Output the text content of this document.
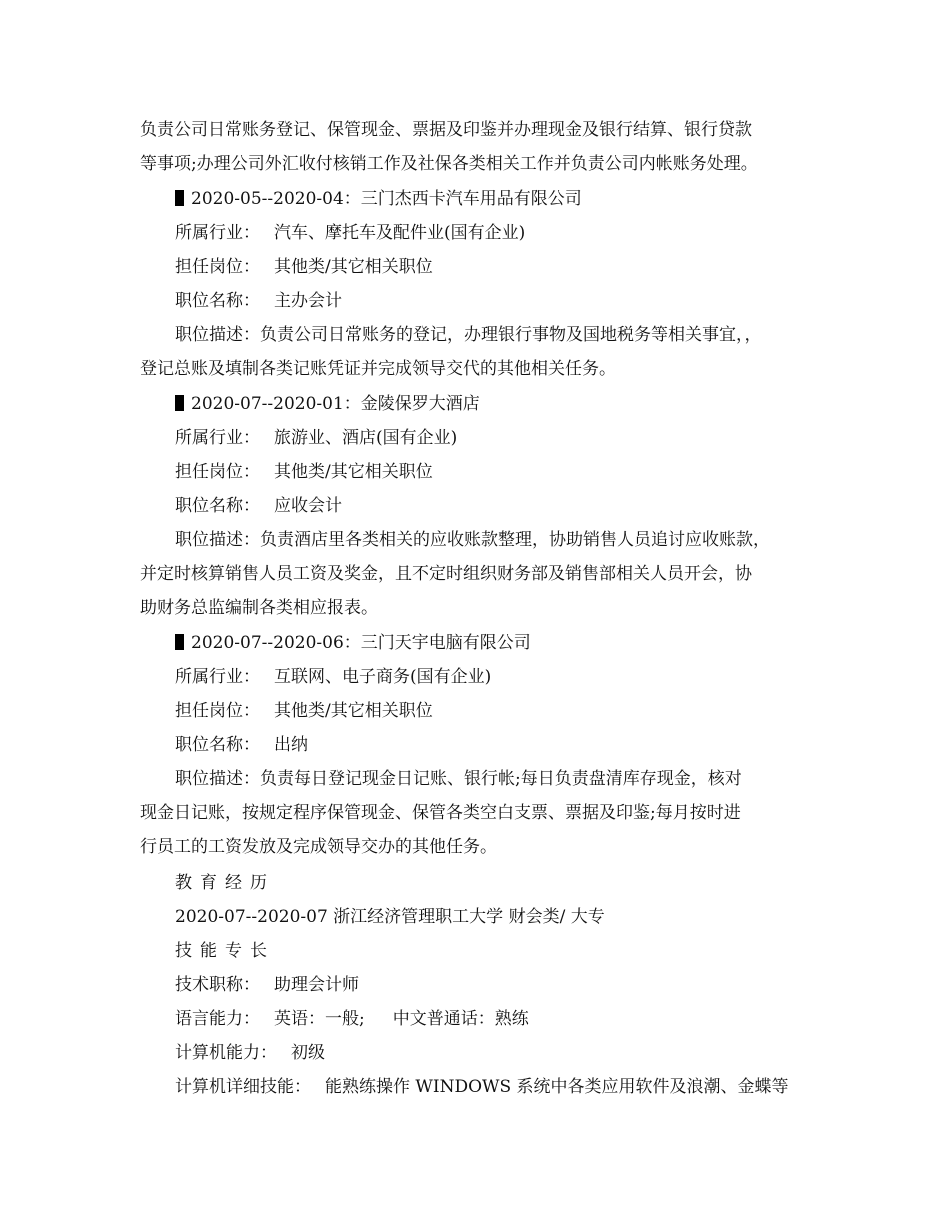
负责公司日常账务登记、保管现金、票据及印鉴并办理现金及银行结算、银行贷款
等事项;办理公司外汇收付核销工作及社保各类相关工作并负责公司内帐账务处理。
2020-05--2020-04：三门杰西卡汽车用品有限公司
所属行业： 汽车、摩托车及配件业(国有企业)
担任岗位： 其他类/其它相关职位
职位名称： 主办会计
职位描述：负责公司日常账务的登记，办理银行事物及国地税务等相关事宜，，
登记总账及填制各类记账凭证并完成领导交代的其他相关任务。
2020-07--2020-01：金陵保罗大酒店
所属行业： 旅游业、酒店(国有企业)
担任岗位： 其他类/其它相关职位
职位名称： 应收会计
职位描述：负责酒店里各类相关的应收账款整理，协助销售人员追讨应收账款，
并定时核算销售人员工资及奖金，且不定时组织财务部及销售部相关人员开会，协
助财务总监编制各类相应报表。
2020-07--2020-06：三门天宇电脑有限公司
所属行业： 互联网、电子商务(国有企业)
担任岗位： 其他类/其它相关职位
职位名称： 出纳
职位描述：负责每日登记现金日记账、银行帐;每日负责盘清库存现金，核对
现金日记账，按规定程序保管现金、保管各类空白支票、票据及印鉴;每月按时进
行员工的工资发放及完成领导交办的其他任务。
教育经历
2020-07--2020-07 浙江经济管理职工大学 财会类/ 大专
技能专长
技术职称： 助理会计师
语言能力： 英语：一般; 中文普通话：熟练
计算机能力： 初级
计算机详细技能： 能熟练操作 WINDOWS 系统中各类应用软件及浪潮、金蝶等
